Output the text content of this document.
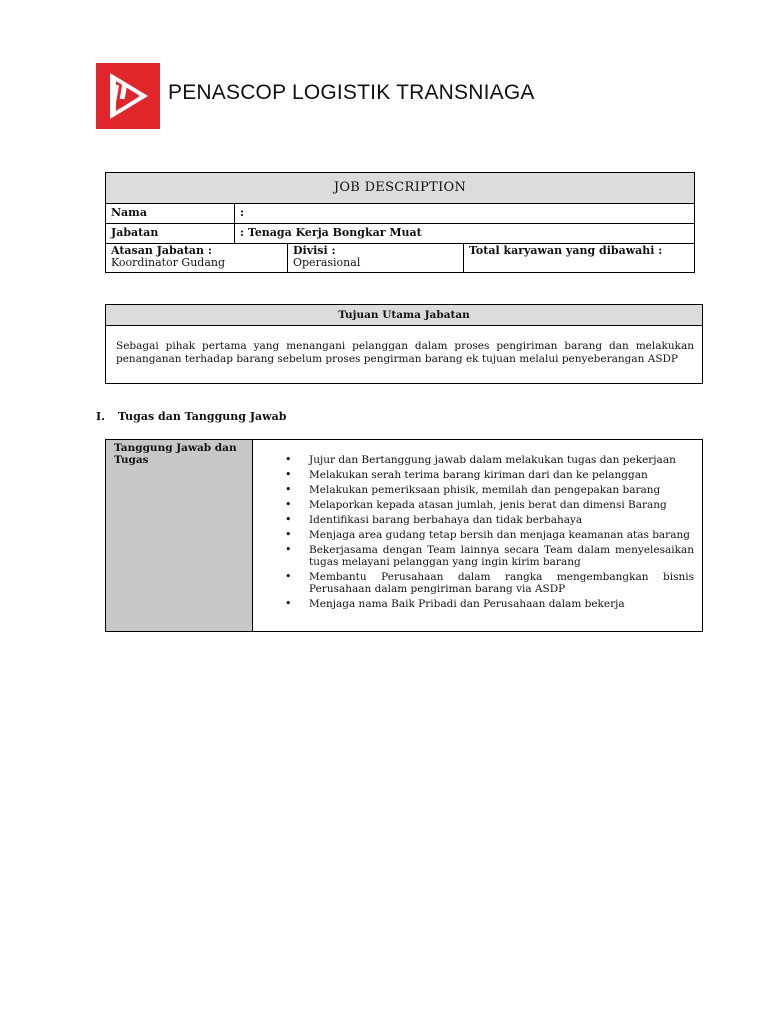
PENASCOP LOGISTIK TRANSNIAGA
JOB DESCRIPTION
Nama	:
Jabatan	: Tenaga Kerja Bongkar Muat
Atasan Jabatan :
Koordinator Gudang
Divisi :
Operasional
Total karyawan yang dibawahi :
Tujuan Utama Jabatan
Sebagai pihak pertama yang menangani pelanggan dalam proses pengiriman barang dan melakukan penanganan terhadap barang sebelum proses pengirman barang ek tujuan melalui penyeberangan ASDP
I. Tugas dan Tanggung Jawab
Tanggung Jawab dan Tugas
•	Jujur dan Bertanggung jawab dalam melakukan tugas dan pekerjaan
• Melakukan serah terima barang kiriman dari dan ke pelanggan
• Melakukan pemeriksaan phisik, memilah dan pengepakan barang
• Melaporkan kepada atasan jumlah, jenis berat dan dimensi Barang
• Identifikasi barang berbahaya dan tidak berbahaya
• Menjaga area gudang tetap bersih dan menjaga keamanan atas barang
• Bekerjasama dengan Team lainnya secara Team dalam menyelesaikan tugas melayani pelanggan yang ingin kirim barang
• Membantu Perusahaan dalam rangka mengembangkan bisnis Perusahaan dalam pengiriman barang via ASDP
• Menjaga nama Baik Pribadi dan Perusahaan dalam bekerja
